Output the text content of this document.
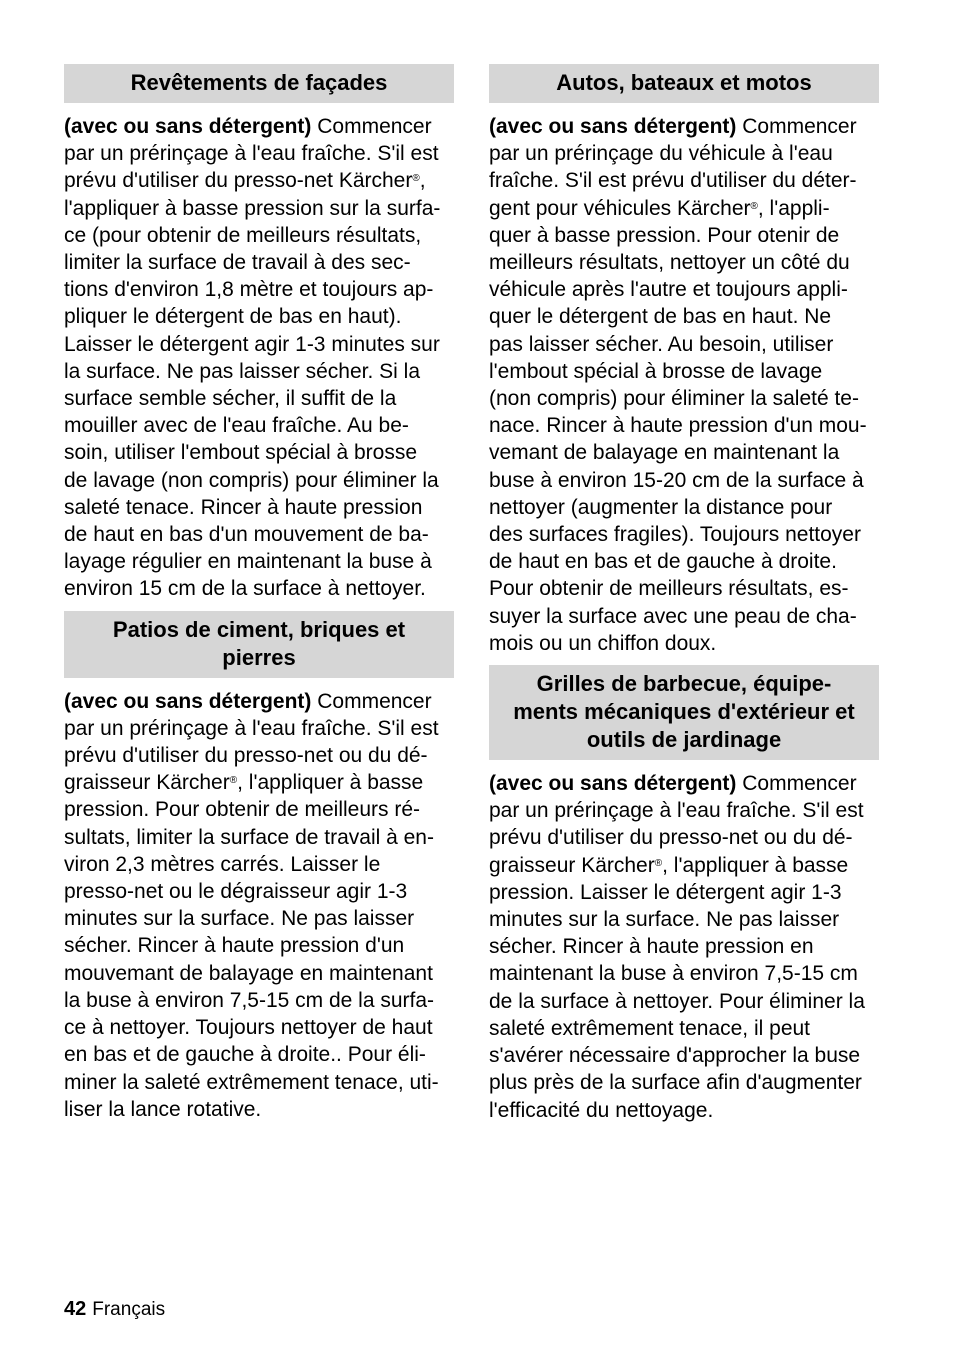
Revêtements de façades
(avec ou sans détergent) Commencer
par un prérinçage à l'eau fraîche. S'il est
prévu d'utiliser du presso-net Kärcher®,
l'appliquer à basse pression sur la surfa-
ce (pour obtenir de meilleurs résultats,
limiter la surface de travail à des sec-
tions d'environ 1,8 mètre et toujours ap-
pliquer le détergent de bas en haut).
Laisser le détergent agir 1-3 minutes sur
la surface. Ne pas laisser sécher. Si la
surface semble sécher, il suffit de la
mouiller avec de l'eau fraîche. Au be-
soin, utiliser l'embout spécial à brosse
de lavage (non compris) pour éliminer la
saleté tenace. Rincer à haute pression
de haut en bas d'un mouvement de ba-
layage régulier en maintenant la buse à
environ 15 cm de la surface à nettoyer.
Patios de ciment, briques et
pierres
(avec ou sans détergent) Commencer
par un prérinçage à l'eau fraîche. S'il est
prévu d'utiliser du presso-net ou du dé-
graisseur Kärcher®, l'appliquer à basse
pression. Pour obtenir de meilleurs ré-
sultats, limiter la surface de travail à en-
viron 2,3 mètres carrés. Laisser le
presso-net ou le dégraisseur agir 1-3
minutes sur la surface. Ne pas laisser
sécher. Rincer à haute pression d'un
mouvemant de balayage en maintenant
la buse à environ 7,5-15 cm de la surfa-
ce à nettoyer. Toujours nettoyer de haut
en bas et de gauche à droite.. Pour éli-
miner la saleté extrêmement tenace, uti-
liser la lance rotative.
Autos, bateaux et motos
(avec ou sans détergent) Commencer
par un prérinçage du véhicule à l'eau
fraîche. S'il est prévu d'utiliser du déter-
gent pour véhicules Kärcher®, l'appli-
quer à basse pression. Pour otenir de
meilleurs résultats, nettoyer un côté du
véhicule après l'autre et toujours appli-
quer le détergent de bas en haut. Ne
pas laisser sécher. Au besoin, utiliser
l'embout spécial à brosse de lavage
(non compris) pour éliminer la saleté te-
nace. Rincer à haute pression d'un mou-
vemant de balayage en maintenant la
buse à environ 15-20 cm de la surface à
nettoyer (augmenter la distance pour
des surfaces fragiles). Toujours nettoyer
de haut en bas et de gauche à droite.
Pour obtenir de meilleurs résultats, es-
suyer la surface avec une peau de cha-
mois ou un chiffon doux.
Grilles de barbecue, équipe-
ments mécaniques d'extérieur et
outils de jardinage
(avec ou sans détergent) Commencer
par un prérinçage à l'eau fraîche. S'il est
prévu d'utiliser du presso-net ou du dé-
graisseur Kärcher®, l'appliquer à basse
pression. Laisser le détergent agir 1-3
minutes sur la surface. Ne pas laisser
sécher. Rincer à haute pression en
maintenant la buse à environ 7,5-15 cm
de la surface à nettoyer. Pour éliminer la
saleté extrêmement tenace, il peut
s'avérer nécessaire d'approcher la buse
plus près de la surface afin d'augmenter
l'efficacité du nettoyage.
42 Français
